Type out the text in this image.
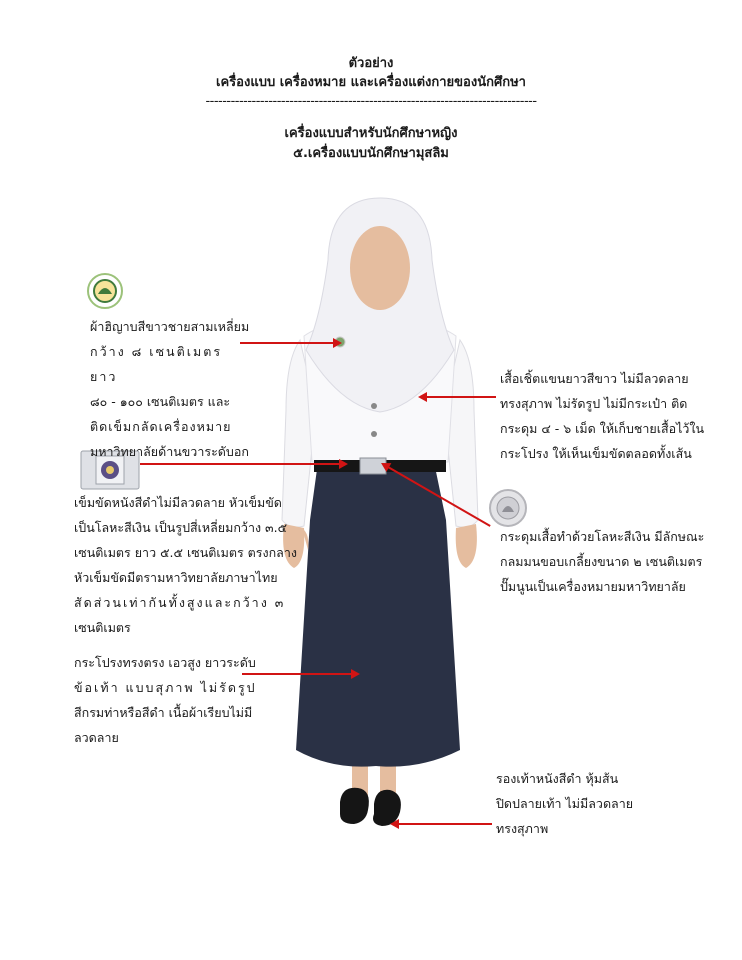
ตัวอย่าง
เครื่องแบบ เครื่องหมาย และเครื่องแต่งกายของนักศึกษา
-------------------------------------------------------------------------------
เครื่องแบบสำหรับนักศึกษาหญิง
๕.เครื่องแบบนักศึกษามุสลิม
ผ้าฮิญาบสีขาวชายสามเหลี่ยม
กว้าง ๘ เซนติเมตร ยาว
๘๐ - ๑๐๐ เซนติเมตร และ
ติดเข็มกลัดเครื่องหมาย
มหาวิทยาลัยด้านขวาระดับอก
เสื้อเชิ้ตแขนยาวสีขาว ไม่มีลวดลาย
ทรงสุภาพ ไม่รัดรูป ไม่มีกระเป๋า ติด
กระดุม ๔ - ๖ เม็ด ให้เก็บชายเสื้อไว้ใน
กระโปรง ให้เห็นเข็มขัดตลอดทั้งเส้น
เข็มขัดหนังสีดำไม่มีลวดลาย หัวเข็มขัด
เป็นโลหะสีเงิน เป็นรูปสี่เหลี่ยมกว้าง ๓.๕
เซนติเมตร ยาว ๕.๕ เซนติเมตร ตรงกลาง
หัวเข็มขัดมีตรามหาวิทยาลัยภาษาไทย
สัดส่วนเท่ากันทั้งสูงและกว้าง ๓
เซนติเมตร
กระดุมเสื้อทำด้วยโลหะสีเงิน มีลักษณะ
กลมมนขอบเกลี้ยงขนาด ๒ เซนติเมตร
ปั๊มนูนเป็นเครื่องหมายมหาวิทยาลัย
กระโปรงทรงตรง เอวสูง ยาวระดับ
ข้อเท้า แบบสุภาพ ไม่รัดรูป
สีกรมท่าหรือสีดำ เนื้อผ้าเรียบไม่มี
ลวดลาย
รองเท้าหนังสีดำ หุ้มส้น
ปิดปลายเท้า ไม่มีลวดลาย
ทรงสุภาพ
